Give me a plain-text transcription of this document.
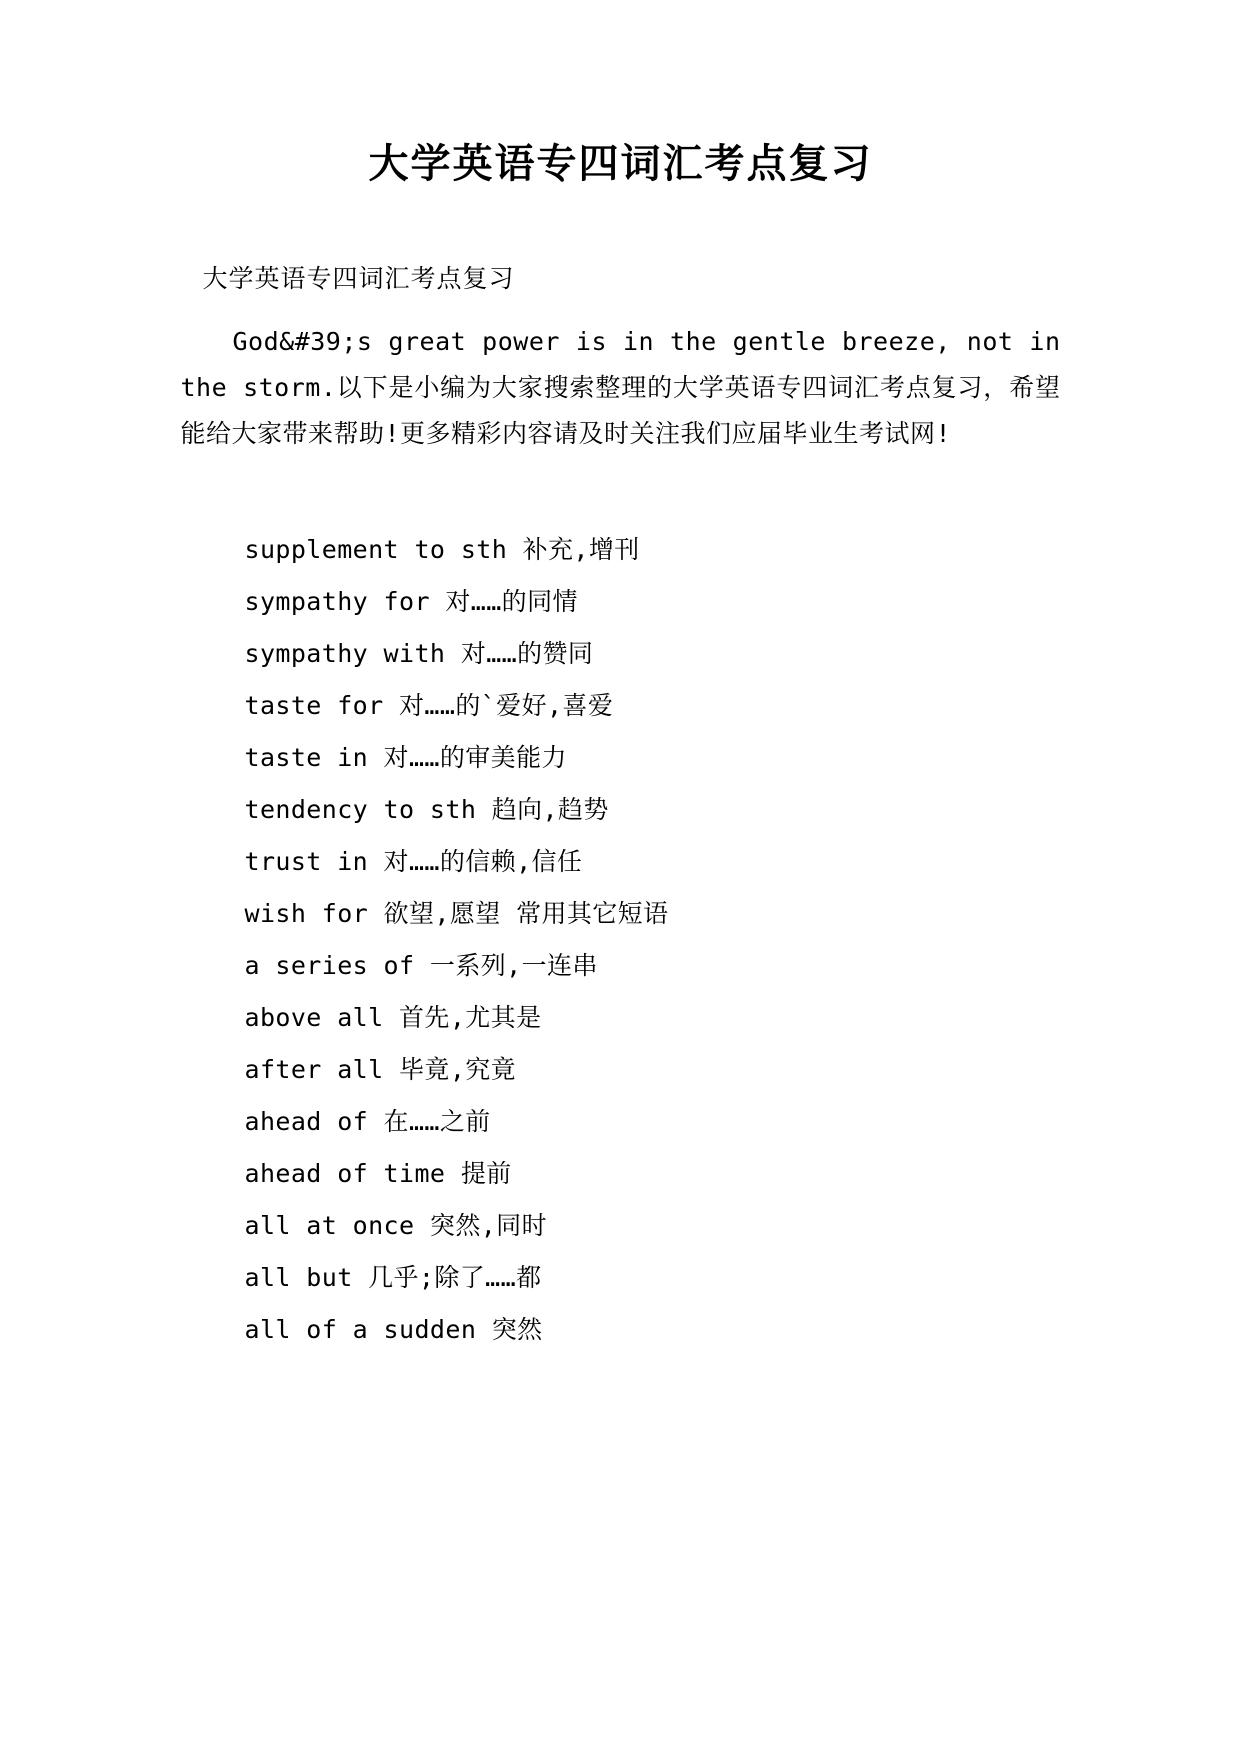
大学英语专四词汇考点复习
大学英语专四词汇考点复习

God&#39;s great power is in the gentle breeze, not in the storm.以下是小编为大家搜索整理的大学英语专四词汇考点复习，希望能给大家带来帮助!更多精彩内容请及时关注我们应届毕业生考试网!

supplement to sth 补充,增刊
sympathy for 对……的同情
sympathy with 对……的赞同
taste for 对……的`爱好,喜爱
taste in 对……的审美能力
tendency to sth 趋向,趋势
trust in 对……的信赖,信任
wish for 欲望,愿望 常用其它短语
a series of 一系列,一连串
above all 首先,尤其是
after all 毕竟,究竟
ahead of 在……之前
ahead of time 提前
all at once 突然,同时
all but 几乎;除了……都
all of a sudden 突然
